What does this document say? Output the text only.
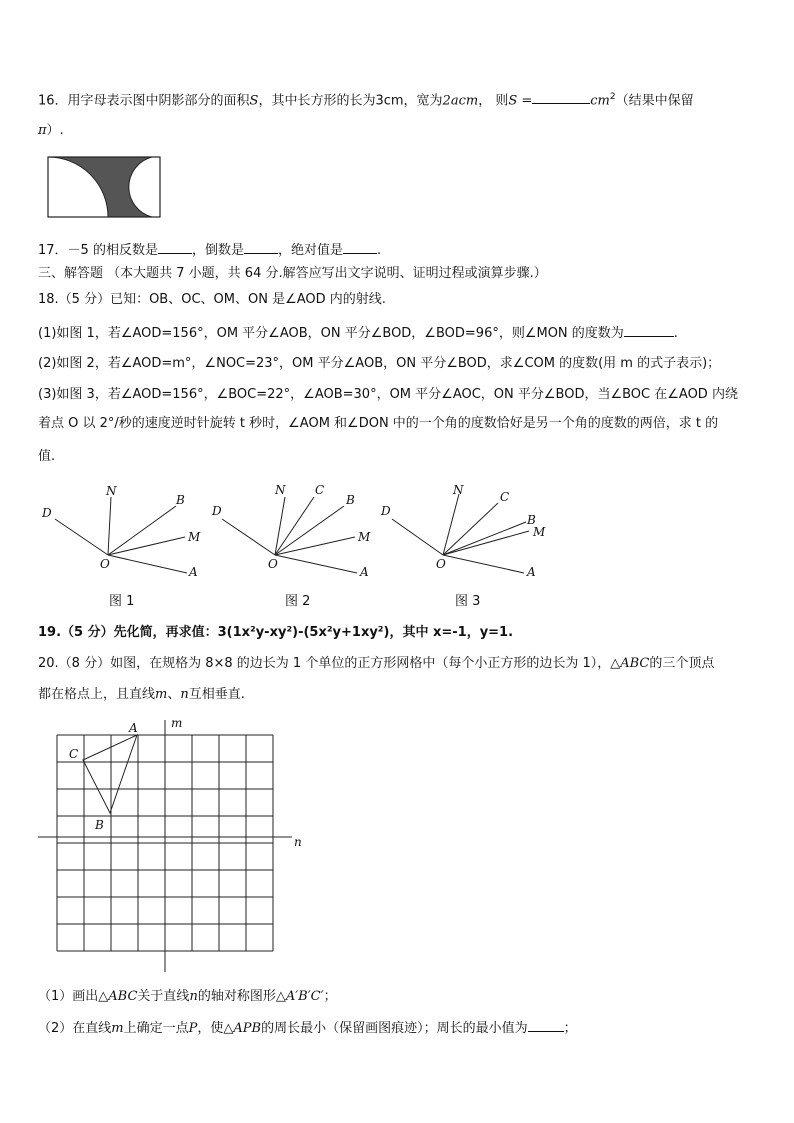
16．用字母表示图中阴影部分的面积S，其中长方形的长为3cm，宽为2acm， 则S =	$cm^2$（结果中保留
π）.
17．－5 的相反数是	，倒数是	，绝对值是	.
三、解答题 （本大题共 7 小题，共 64 分.解答应写出文字说明、证明过程或演算步骤.）
18.（5 分）已知：OB、OC、OM、ON 是∠AOD 内的射线.
(1)如图 1，若∠AOD=156°，OM 平分∠AOB，ON 平分∠BOD，∠BOD=96°，则∠MON 的度数为	.
(2)如图 2，若∠AOD=m°，∠NOC=23°，OM 平分∠AOB，ON 平分∠BOD，求∠COM 的度数(用 m 的式子表示)；
(3)如图 3，若∠AOD=156°，∠BOC=22°，∠AOB=30°，OM 平分∠AOC，ON 平分∠BOD，当∠BOC 在∠AOD 内绕
着点 O 以 2°/秒的速度逆时针旋转 t 秒时，∠AOM 和∠DON 中的一个角的度数恰好是另一个角的度数的两倍，求 t 的
值.
O
A
M
B
N
D
O
A
M
B
C
N
D
O
A
M
B
C
N
D
图 1	图 2	图 3
19.（5 分）先化简，再求值：3(1x²y-xy²)-(5x²y+1xy²)，其中 x=-1，y=1.
20.（8 分）如图，在规格为 8×8 的边长为 1 个单位的正方形网格中（每个小正方形的边长为 1），△ABC的三个顶点
都在格点上，且直线m、n互相垂直.
A
C
B
m
n
（1）画出△ABC关于直线n的轴对称图形△A′B′C′；
（2）在直线m上确定一点P，使△APB的周长最小（保留画图痕迹）；周长的最小值为	；
